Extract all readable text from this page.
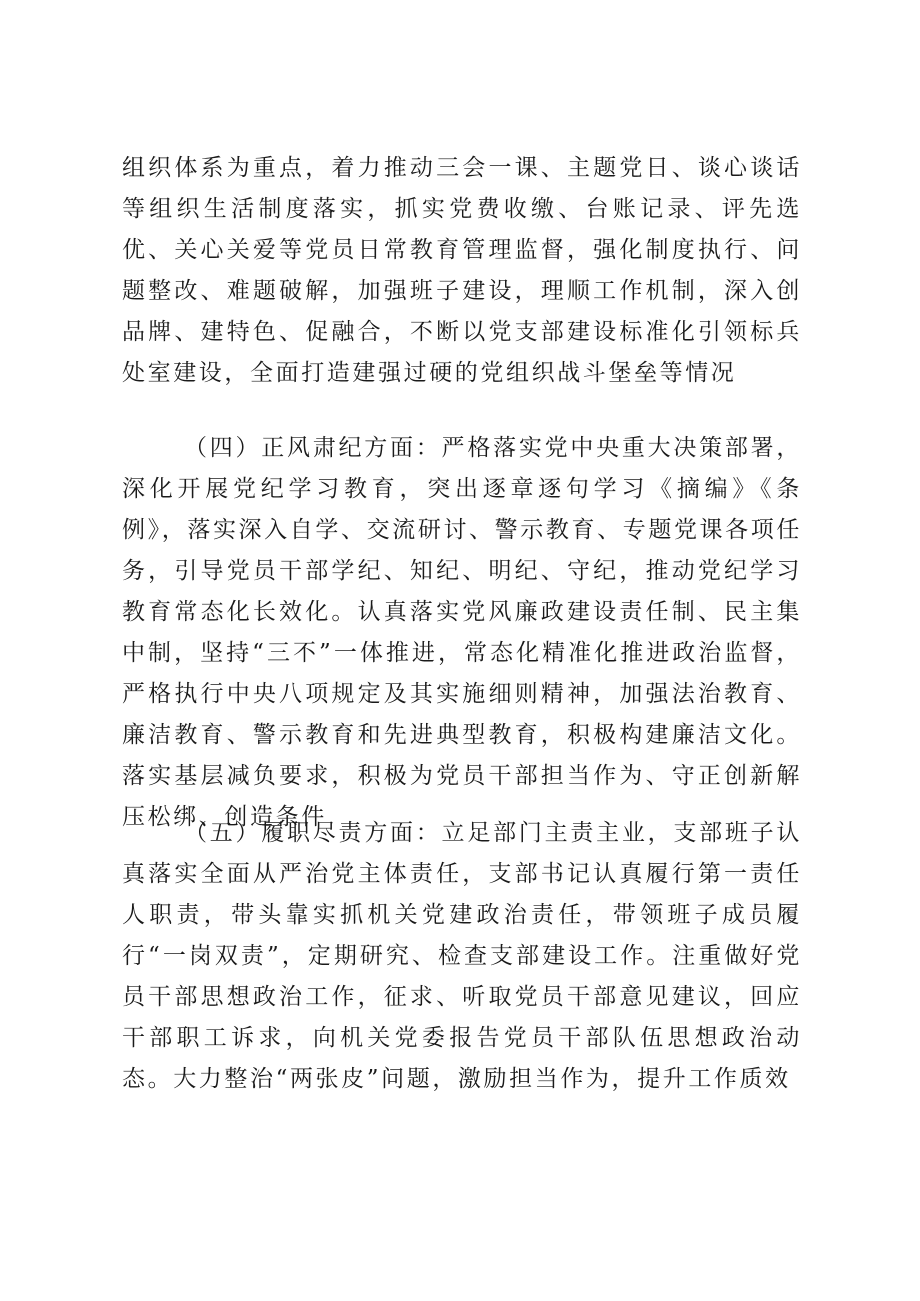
组织体系为重点，着力推动三会一课、主题党日、谈心谈话等组织生活制度落实，抓实党费收缴、台账记录、评先选优、关心关爱等党员日常教育管理监督，强化制度执行、问题整改、难题破解，加强班子建设，理顺工作机制，深入创品牌、建特色、促融合，不断以党支部建设标准化引领标兵处室建设，全面打造建强过硬的党组织战斗堡垒等情况

（四）正风肃纪方面：严格落实党中央重大决策部署，深化开展党纪学习教育，突出逐章逐句学习《摘编》《条例》，落实深入自学、交流研讨、警示教育、专题党课各项任务，引导党员干部学纪、知纪、明纪、守纪，推动党纪学习教育常态化长效化。认真落实党风廉政建设责任制、民主集中制，坚持“三不”一体推进，常态化精准化推进政治监督，严格执行中央八项规定及其实施细则精神，加强法治教育、廉洁教育、警示教育和先进典型教育，积极构建廉洁文化。落实基层减负要求，积极为党员干部担当作为、守正创新解压松绑、创造条件

（五）履职尽责方面：立足部门主责主业，支部班子认真落实全面从严治党主体责任，支部书记认真履行第一责任人职责，带头靠实抓机关党建政治责任，带领班子成员履行“一岗双责”，定期研究、检查支部建设工作。注重做好党员干部思想政治工作，征求、听取党员干部意见建议，回应干部职工诉求，向机关党委报告党员干部队伍思想政治动态。大力整治“两张皮”问题，激励担当作为，提升工作质效
